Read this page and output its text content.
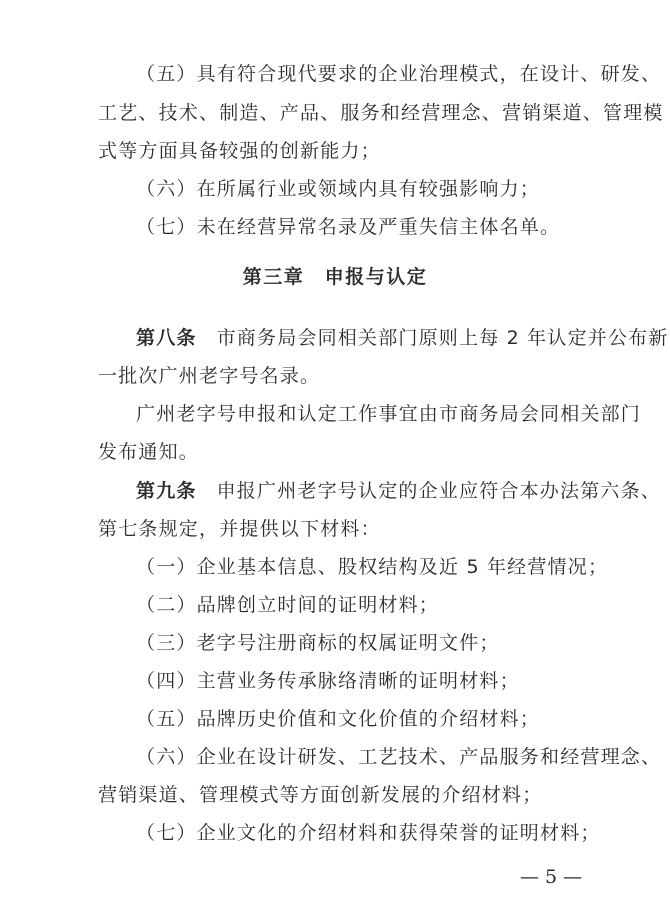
（五）具有符合现代要求的企业治理模式，在设计、研发、
工艺、技术、制造、产品、服务和经营理念、营销渠道、管理模
式等方面具备较强的创新能力；
（六）在所属行业或领域内具有较强影响力；
（七）未在经营异常名录及严重失信主体名单。
第三章　申报与认定
第八条 市商务局会同相关部门原则上每 2 年认定并公布新
一批次广州老字号名录。
广州老字号申报和认定工作事宜由市商务局会同相关部门
发布通知。
第九条 申报广州老字号认定的企业应符合本办法第六条、
第七条规定，并提供以下材料：
（一）企业基本信息、股权结构及近 5 年经营情况；
（二）品牌创立时间的证明材料；
（三）老字号注册商标的权属证明文件；
（四）主营业务传承脉络清晰的证明材料；
（五）品牌历史价值和文化价值的介绍材料；
（六）企业在设计研发、工艺技术、产品服务和经营理念、
营销渠道、管理模式等方面创新发展的介绍材料；
（七）企业文化的介绍材料和获得荣誉的证明材料；
— 5 —
